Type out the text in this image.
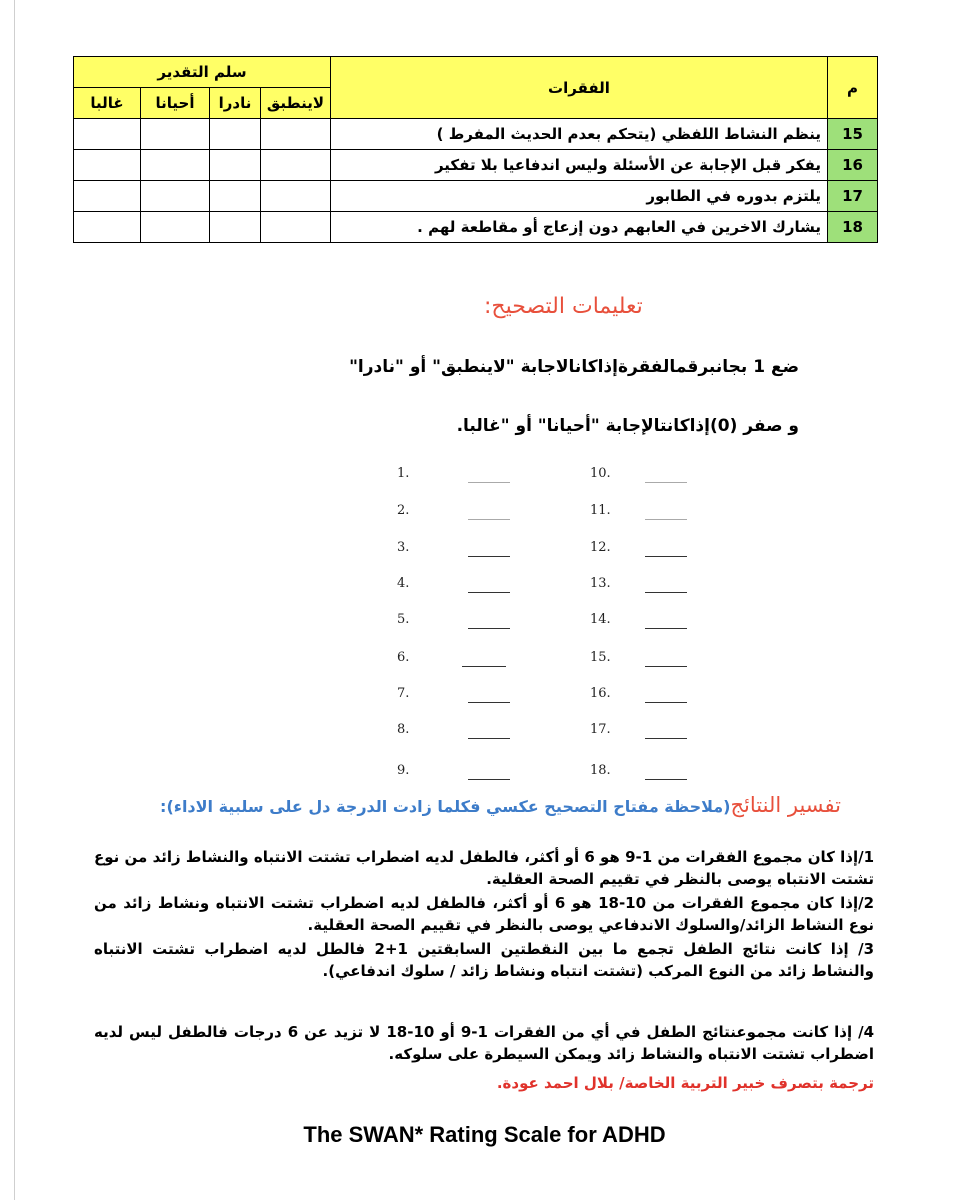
م	الفقرات	سلم التقدير			
		لاينطبق	نادرا	أحيانا	غالبا
15	ينظم النشاط اللفظي (يتحكم بعدم الحديث المفرط )				
16	يفكر قبل الإجابة عن الأسئلة وليس اندفاعيا بلا تفكير				
17	يلتزم بدوره في الطابور				
18	يشارك الاخرين في العابهم دون إزعاج أو مقاطعة لهم .				
تعليمات التصحيح:
ضع 1 بجانبرقمالفقرةإذاكانالاجابة "لاينطبق" أو "نادرا"
و صفر (0)إذاكانتالإجابة "أحيانا" أو "غالبا.
1.
2.
3.
4.
5.
6.
7.
8.
9.
10.
11.
12.
13.
14.
15.
16.
17.
18.
تفسير النتائج(ملاحظة مفتاح التصحيح عكسي فكلما زادت الدرجة دل على سلبية الاداء):
1/إذا كان مجموع الفقرات من 1-9 هو 6 أو أكثر، فالطفل لديه اضطراب تشتت الانتباه والنشاط زائد من نوع تشتت الانتباه يوصى بالنظر في تقييم الصحة العقلية.
2/إذا كان مجموع الفقرات من 10-18 هو 6 أو أكثر، فالطفل لديه اضطراب تشتت الانتباه ونشاط زائد من نوع النشاط الزائد/والسلوك الاندفاعي يوصى بالنظر في تقييم الصحة العقلية.
3/ إذا كانت نتائج الطفل تجمع ما بين النقطتين السابقتين 1+2 فالطل لديه اضطراب تشتت الانتباه والنشاط زائد من النوع المركب (تشتت انتباه ونشاط زائد / سلوك اندفاعي).
4/ إذا كانت مجموعنتائج الطفل في أي من الفقرات 1-9 أو 10-18 لا تزيد عن 6 درجات فالطفل ليس لديه اضطراب تشتت الانتباه والنشاط زائد ويمكن السيطرة على سلوكه.
ترجمة بتصرف خبير التربية الخاصة/ بلال احمد عودة.
The SWAN* Rating Scale for ADHD
